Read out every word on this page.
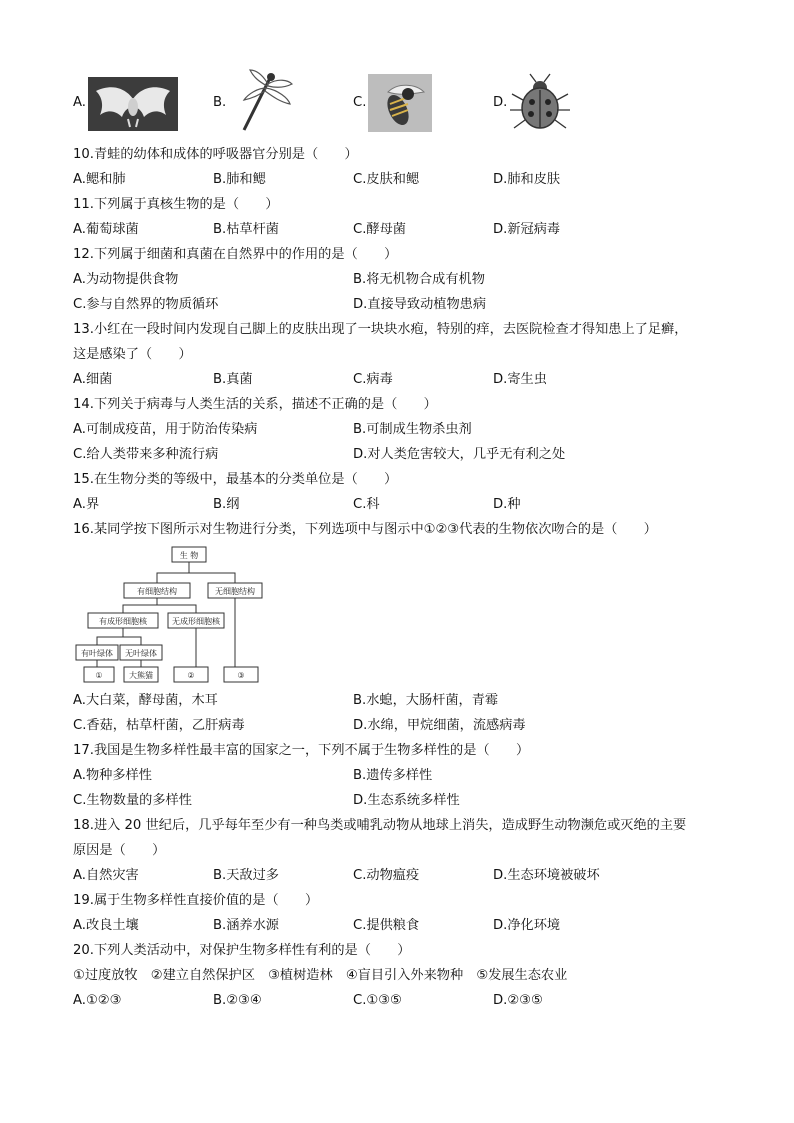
A.	B.	C.	D.
10.青蛙的幼体和成体的呼吸器官分别是（　　）
A.鳃和肺	B.肺和鳃	C.皮肤和鳃	D.肺和皮肤
11.下列属于真核生物的是（　　）
A.葡萄球菌	B.枯草杆菌	C.酵母菌	D.新冠病毒
12.下列属于细菌和真菌在自然界中的作用的是（　　）
A.为动物提供食物	B.将无机物合成有机物
C.参与自然界的物质循环	D.直接导致动植物患病
13.小红在一段时间内发现自己脚上的皮肤出现了一块块水疱，特别的痒，去医院检查才得知患上了足癣，
这是感染了（　　）
A.细菌	B.真菌	C.病毒	D.寄生虫
14.下列关于病毒与人类生活的关系，描述不正确的是（　　）
A.可制成疫苗，用于防治传染病	B.可制成生物杀虫剂
C.给人类带来多种流行病	D.对人类危害较大，几乎无有利之处
15.在生物分类的等级中，最基本的分类单位是（　　）
A.界	B.纲	C.科	D.种
16.某同学按下图所示对生物进行分类，下列选项中与图示中①②③代表的生物依次吻合的是（　　）
生 物
有细胞结构	无细胞结构
有成形细胞核	无成形细胞核
有叶绿体 无叶绿体
①	大熊猫	②	③
A.大白菜，酵母菌，木耳	B.水螅，大肠杆菌，青霉
C.香菇，枯草杆菌，乙肝病毒	D.水绵，甲烷细菌，流感病毒
17.我国是生物多样性最丰富的国家之一，下列不属于生物多样性的是（　　）
A.物种多样性	B.遗传多样性
C.生物数量的多样性	D.生态系统多样性
18.进入 20 世纪后，几乎每年至少有一种鸟类或哺乳动物从地球上消失，造成野生动物濒危或灭绝的主要
原因是（　　）
A.自然灾害	B.天敌过多	C.动物瘟疫	D.生态环境被破坏
19.属于生物多样性直接价值的是（　　）
A.改良土壤	B.涵养水源	C.提供粮食	D.净化环境
20.下列人类活动中，对保护生物多样性有利的是（　　）
①过度放牧　②建立自然保护区　③植树造林　④盲目引入外来物种　⑤发展生态农业
A.①②③	B.②③④	C.①③⑤	D.②③⑤
